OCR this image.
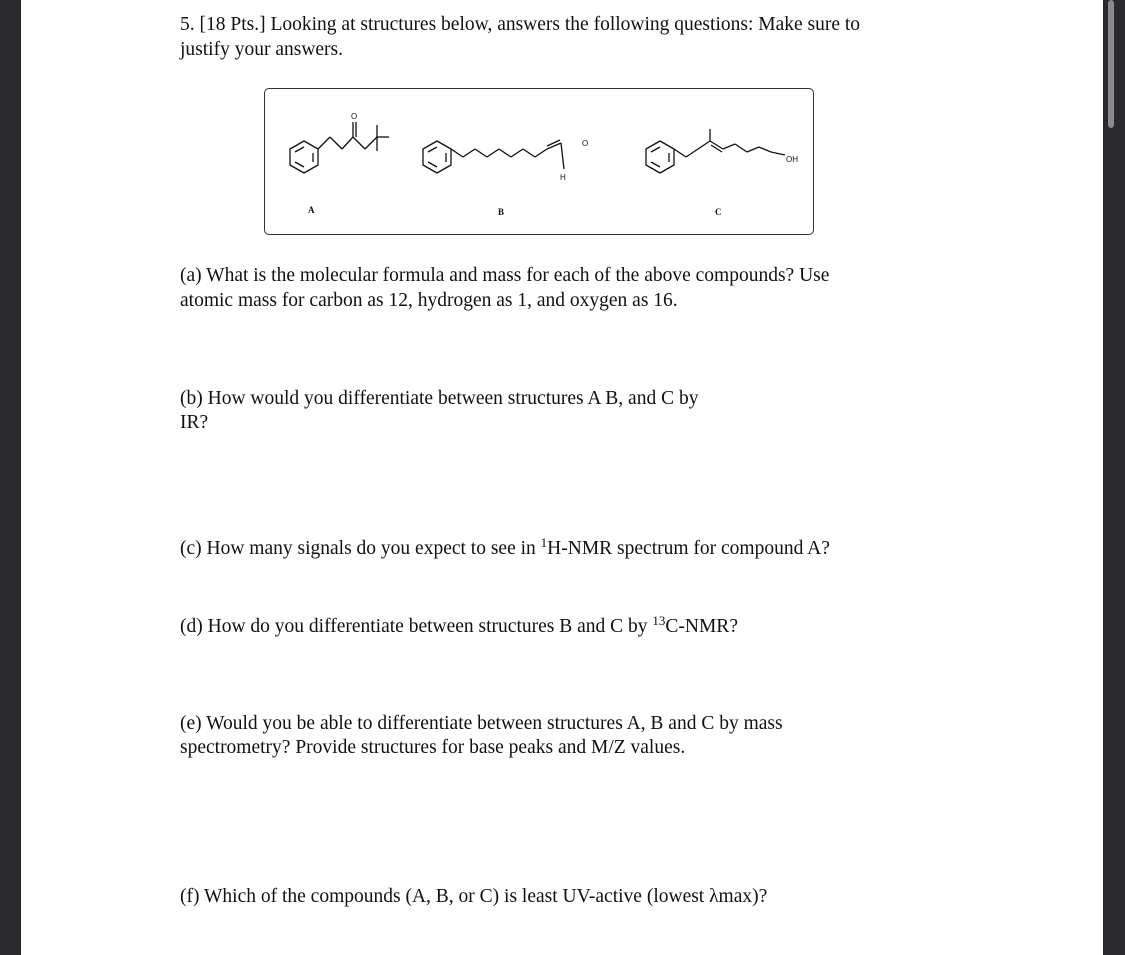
5. [18 Pts.] Looking at structures below, answers the following questions: Make sure to
justify your answers.
O
O
H
OH
A	B	C
(a) What is the molecular formula and mass for each of the above compounds? Use
atomic mass for carbon as 12, hydrogen as 1, and oxygen as 16.
(b) How would you differentiate between structures A B, and C by
IR?
(c) How many signals do you expect to see in $^1$H-NMR spectrum for compound A?
(d) How do you differentiate between structures B and C by $^{13}$C-NMR?
(e) Would you be able to differentiate between structures A, B and C by mass
spectrometry? Provide structures for base peaks and M/Z values.
(f) Which of the compounds (A, B, or C) is least UV-active (lowest λmax)?
